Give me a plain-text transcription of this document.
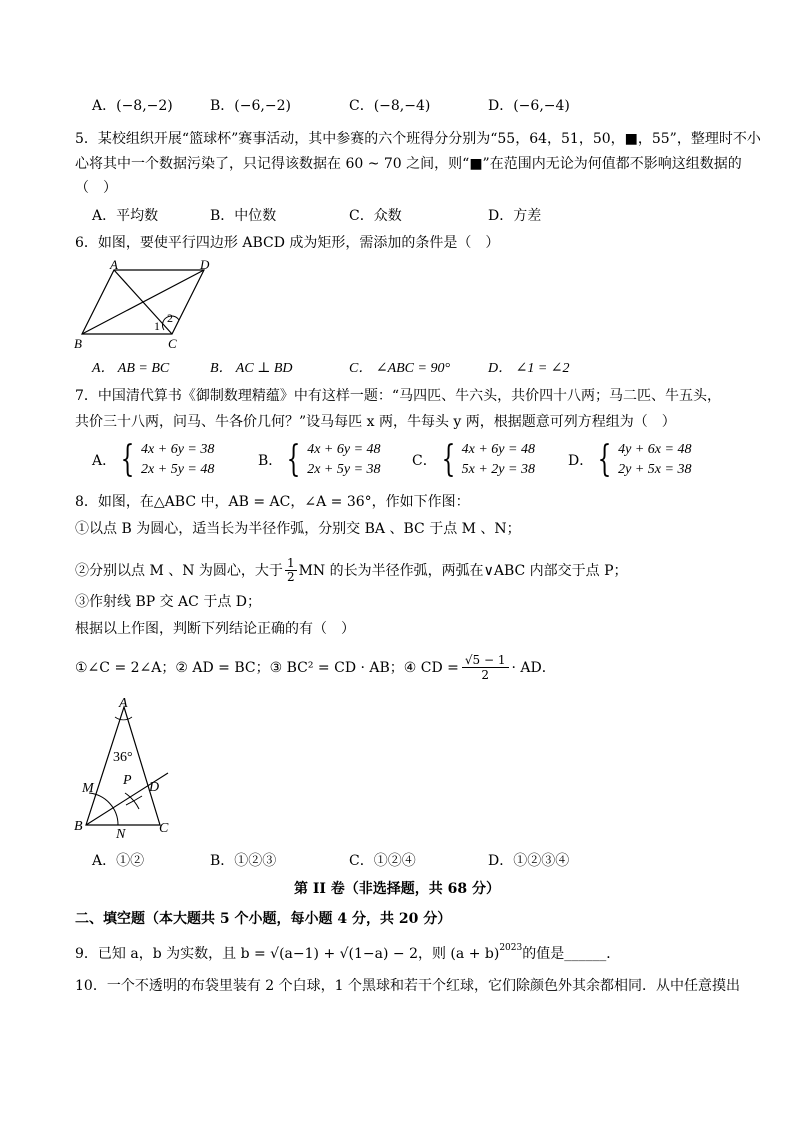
A．(−8,−2)	B．(−6,−2)	C．(−8,−4)	D．(−6,−4)
5．某校组织开展“篮球杯”赛事活动，其中参赛的六个班得分分别为“55，64，51，50，■，55”，整理时不小
心将其中一个数据污染了，只记得该数据在 60 ~ 70 之间，则“■”在范围内无论为何值都不影响这组数据的
（　）
A．平均数	B．中位数	C．众数	D．方差
6．如图，要使平行四边形 ABCD 成为矩形，需添加的条件是（　）
A	D
B	C
1
2
A． AB = BC	B． AC ⊥ BD	C． ∠ABC = 90°	D． ∠1 = ∠2
7．中国清代算书《御制数理精蕴》中有这样一题：“马四匹、牛六头，共价四十八两；马二匹、牛五头，
共价三十八两，问马、牛各价几何？”设马每匹 x 两，牛每头 y 两，根据题意可列方程组为（　）
A． { 4x + 6y = 38
2x + 5y = 48
B． { 4x + 6y = 48
2x + 5y = 38
C． { 4x + 6y = 48
5x + 2y = 38
D． { 4y + 6x = 48
2y + 5x = 38
8．如图，在△ABC 中，AB = AC，∠A = 36°，作如下作图：
①以点 B 为圆心，适当长为半径作弧，分别交 BA 、BC 于点 M 、N；
②分别以点 M 、N 为圆心，大于 $\frac{1}{2}$ MN 的长为半径作弧，两弧在∨ABC 内部交于点 P；
③作射线 BP 交 AC 于点 D；
根据以上作图，判断下列结论正确的有（　）
①∠C = 2∠A；② AD = BC；③ BC² = CD · AB；④ CD = $\frac{√5 - 1}{2}$ · AD．
A
36°
M
P D
B
N C
A．①②	B．①②③	C．①②④	D．①②③④
第 II 卷（非选择题，共 68 分）
二、填空题（本大题共 5 个小题，每小题 4 分，共 20 分）
9．已知 a，b 为实数，且 b = √(a−1) + √(1−a) − 2，则 (a + b) 2023 的值是______．
10．一个不透明的布袋里装有 2 个白球，1 个黑球和若干个红球，它们除颜色外其余都相同．从中任意摸出
